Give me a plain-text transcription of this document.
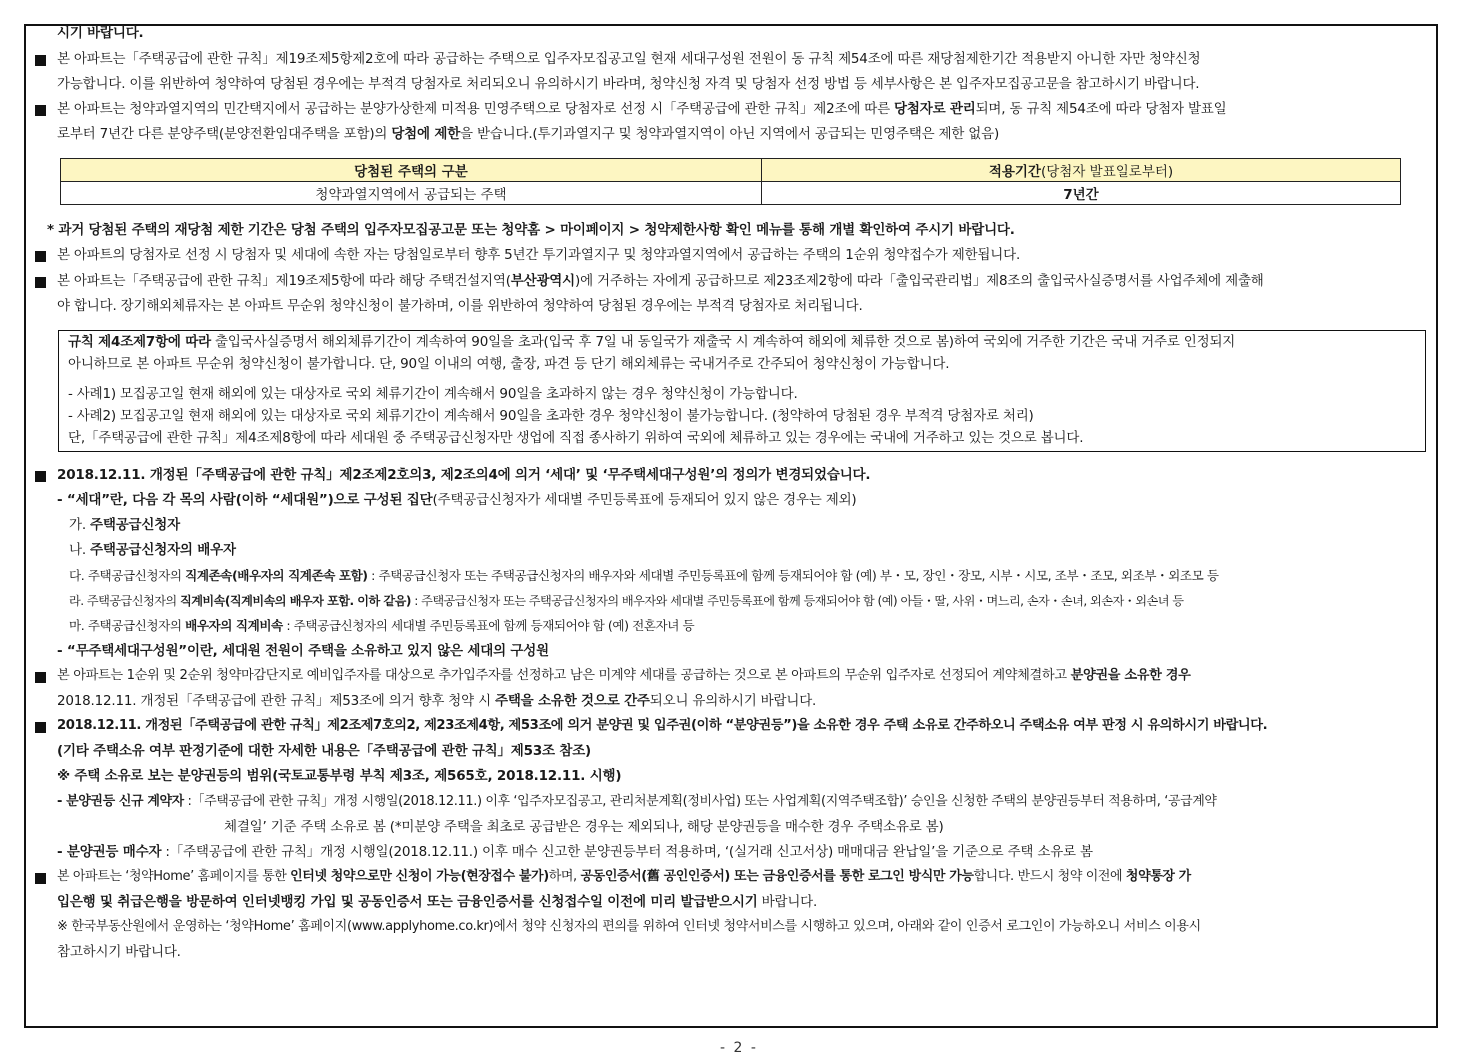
시기 바랍니다.
본 아파트는「주택공급에 관한 규칙」제19조제5항제2호에 따라 공급하는 주택으로 입주자모집공고일 현재 세대구성원 전원이 동 규칙 제54조에 따른 재당첨제한기간 적용받지 아니한 자만 청약신청
가능합니다. 이를 위반하여 청약하여 당첨된 경우에는 부적격 당첨자로 처리되오니 유의하시기 바라며, 청약신청 자격 및 당첨자 선정 방법 등 세부사항은 본 입주자모집공고문을 참고하시기 바랍니다.
본 아파트는 청약과열지역의 민간택지에서 공급하는 분양가상한제 미적용 민영주택으로 당첨자로 선정 시「주택공급에 관한 규칙」제2조에 따른 당첨자로 관리되며, 동 규칙 제54조에 따라 당첨자 발표일
로부터 7년간 다른 분양주택(분양전환임대주택을 포함)의 당첨에 제한을 받습니다.(투기과열지구 및 청약과열지역이 아닌 지역에서 공급되는 민영주택은 제한 없음)
당첨된 주택의 구분	적용기간(당첨자 발표일로부터)
청약과열지역에서 공급되는 주택	7년간
* 과거 당첨된 주택의 재당첨 제한 기간은 당첨 주택의 입주자모집공고문 또는 청약홈 > 마이페이지 > 청약제한사항 확인 메뉴를 통해 개별 확인하여 주시기 바랍니다.
본 아파트의 당첨자로 선정 시 당첨자 및 세대에 속한 자는 당첨일로부터 향후 5년간 투기과열지구 및 청약과열지역에서 공급하는 주택의 1순위 청약접수가 제한됩니다.
본 아파트는「주택공급에 관한 규칙」제19조제5항에 따라 해당 주택건설지역(부산광역시)에 거주하는 자에게 공급하므로 제23조제2항에 따라「출입국관리법」제8조의 출입국사실증명서를 사업주체에 제출해
야 합니다. 장기해외체류자는 본 아파트 무순위 청약신청이 불가하며, 이를 위반하여 청약하여 당첨된 경우에는 부적격 당첨자로 처리됩니다.
규칙 제4조제7항에 따라 출입국사실증명서 해외체류기간이 계속하여 90일을 초과(입국 후 7일 내 동일국가 재출국 시 계속하여 해외에 체류한 것으로 봄)하여 국외에 거주한 기간은 국내 거주로 인정되지
아니하므로 본 아파트 무순위 청약신청이 불가합니다. 단, 90일 이내의 여행, 출장, 파견 등 단기 해외체류는 국내거주로 간주되어 청약신청이 가능합니다.
- 사례1) 모집공고일 현재 해외에 있는 대상자로 국외 체류기간이 계속해서 90일을 초과하지 않는 경우 청약신청이 가능합니다.
- 사례2) 모집공고일 현재 해외에 있는 대상자로 국외 체류기간이 계속해서 90일을 초과한 경우 청약신청이 불가능합니다. (청약하여 당첨된 경우 부적격 당첨자로 처리)
단,「주택공급에 관한 규칙」제4조제8항에 따라 세대원 중 주택공급신청자만 생업에 직접 종사하기 위하여 국외에 체류하고 있는 경우에는 국내에 거주하고 있는 것으로 봅니다.
2018.12.11. 개정된「주택공급에 관한 규칙」제2조제2호의3, 제2조의4에 의거 ‘세대’ 및 ‘무주택세대구성원’의 정의가 변경되었습니다.
- “세대”란, 다음 각 목의 사람(이하 “세대원”)으로 구성된 집단(주택공급신청자가 세대별 주민등록표에 등재되어 있지 않은 경우는 제외)
가. 주택공급신청자
나. 주택공급신청자의 배우자
다. 주택공급신청자의 직계존속(배우자의 직계존속 포함) : 주택공급신청자 또는 주택공급신청자의 배우자와 세대별 주민등록표에 함께 등재되어야 함 (예) 부・모, 장인・장모, 시부・시모, 조부・조모, 외조부・외조모 등
라. 주택공급신청자의 직계비속(직계비속의 배우자 포함. 이하 같음) : 주택공급신청자 또는 주택공급신청자의 배우자와 세대별 주민등록표에 함께 등재되어야 함 (예) 아들・딸, 사위・며느리, 손자・손녀, 외손자・외손녀 등
마. 주택공급신청자의 배우자의 직계비속 : 주택공급신청자의 세대별 주민등록표에 함께 등재되어야 함 (예) 전혼자녀 등
- “무주택세대구성원”이란, 세대원 전원이 주택을 소유하고 있지 않은 세대의 구성원
본 아파트는 1순위 및 2순위 청약마감단지로 예비입주자를 대상으로 추가입주자를 선정하고 남은 미계약 세대를 공급하는 것으로 본 아파트의 무순위 입주자로 선정되어 계약체결하고 분양권을 소유한 경우
2018.12.11. 개정된「주택공급에 관한 규칙」제53조에 의거 향후 청약 시 주택을 소유한 것으로 간주되오니 유의하시기 바랍니다.
2018.12.11. 개정된「주택공급에 관한 규칙」제2조제7호의2, 제23조제4항, 제53조에 의거 분양권 및 입주권(이하 “분양권등”)을 소유한 경우 주택 소유로 간주하오니 주택소유 여부 판정 시 유의하시기 바랍니다.
(기타 주택소유 여부 판정기준에 대한 자세한 내용은「주택공급에 관한 규칙」제53조 참조)
※ 주택 소유로 보는 분양권등의 범위(국토교통부령 부칙 제3조, 제565호, 2018.12.11. 시행)
- 분양권등 신규 계약자 :「주택공급에 관한 규칙」개정 시행일(2018.12.11.) 이후 ‘입주자모집공고, 관리처분계획(정비사업) 또는 사업계획(지역주택조합)’ 승인을 신청한 주택의 분양권등부터 적용하며, ‘공급계약
체결일’ 기준 주택 소유로 봄 (*미분양 주택을 최초로 공급받은 경우는 제외되나, 해당 분양권등을 매수한 경우 주택소유로 봄)
- 분양권등 매수자 :「주택공급에 관한 규칙」개정 시행일(2018.12.11.) 이후 매수 신고한 분양권등부터 적용하며, ‘(실거래 신고서상) 매매대금 완납일’을 기준으로 주택 소유로 봄
본 아파트는 ‘청약Home’ 홈페이지를 통한 인터넷 청약으로만 신청이 가능(현장접수 불가)하며, 공동인증서(舊 공인인증서) 또는 금융인증서를 통한 로그인 방식만 가능합니다. 반드시 청약 이전에 청약통장 가
입은행 및 취급은행을 방문하여 인터넷뱅킹 가입 및 공동인증서 또는 금융인증서를 신청접수일 이전에 미리 발급받으시기 바랍니다.
※ 한국부동산원에서 운영하는 ‘청약Home’ 홈페이지(www.applyhome.co.kr)에서 청약 신청자의 편의를 위하여 인터넷 청약서비스를 시행하고 있으며, 아래와 같이 인증서 로그인이 가능하오니 서비스 이용시
참고하시기 바랍니다.
- 2 -
